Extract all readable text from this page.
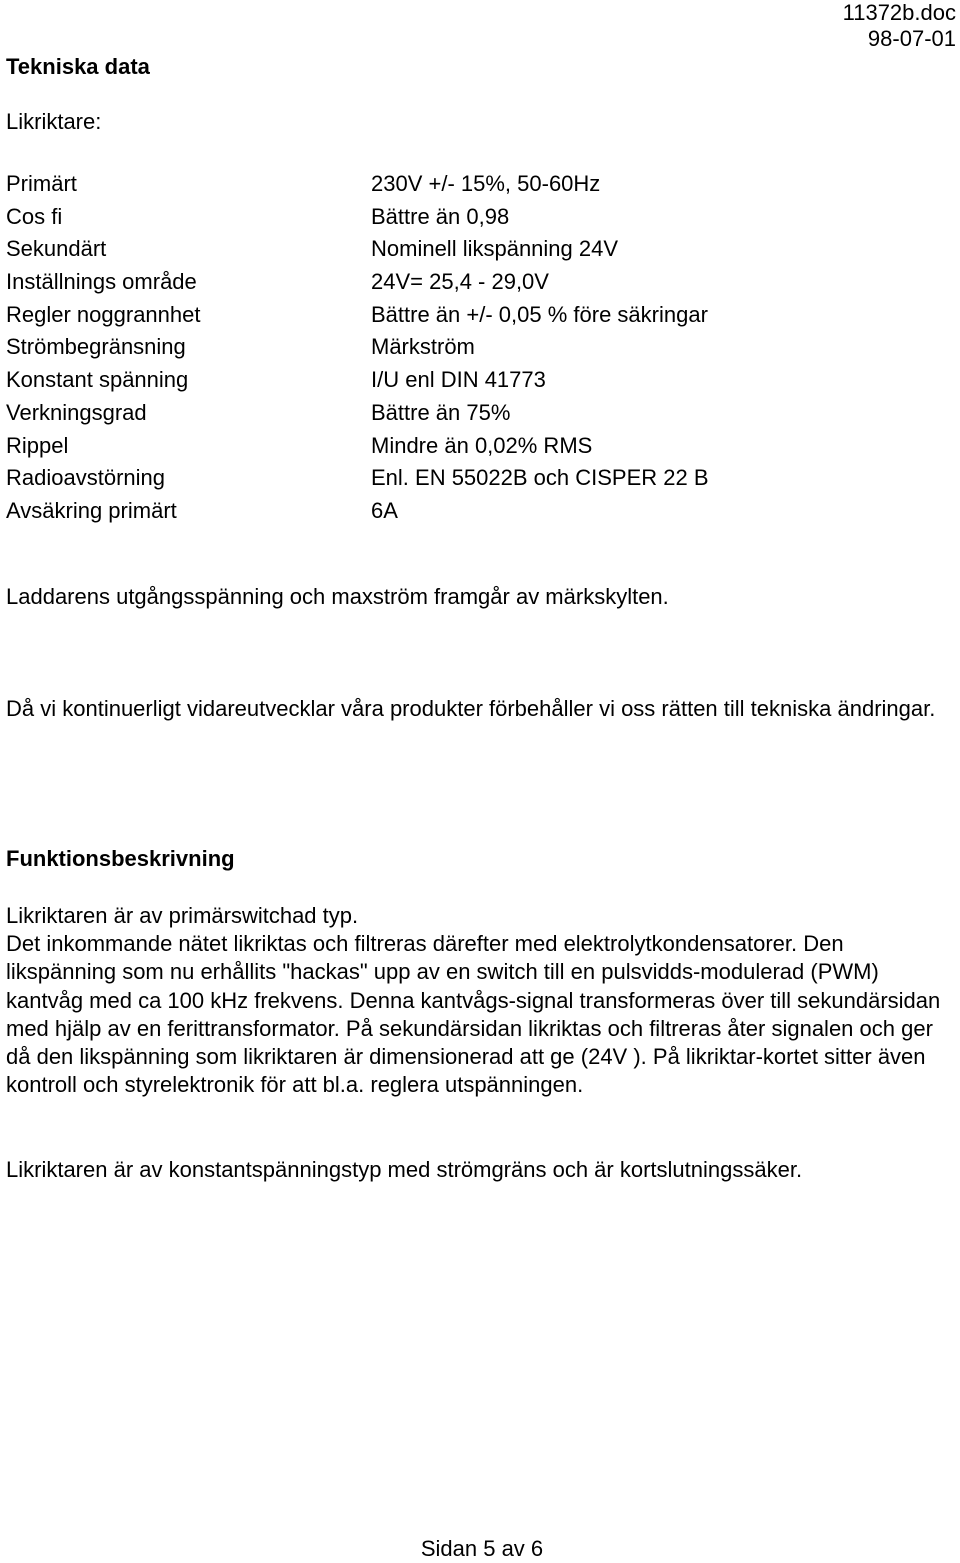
11372b.doc
98-07-01
Tekniska data
Likriktare:
Primärt	230V +/- 15%, 50-60Hz
Cos fi	Bättre än 0,98
Sekundärt	Nominell likspänning 24V
Inställnings område	24V= 25,4 - 29,0V
Regler noggrannhet	Bättre än +/- 0,05 % före säkringar
Strömbegränsning	Märkström
Konstant spänning	I/U enl DIN 41773
Verkningsgrad	Bättre än 75%
Rippel	Mindre än 0,02% RMS
Radioavstörning	Enl. EN 55022B och CISPER 22 B
Avsäkring primärt	6A
Laddarens utgångsspänning och maxström framgår av märkskylten.
Då vi kontinuerligt vidareutvecklar våra produkter förbehåller vi oss rätten till tekniska ändringar.
Funktionsbeskrivning
Likriktaren är av primärswitchad typ.
Det inkommande nätet likriktas och filtreras därefter med elektrolytkondensatorer. Den likspänning som nu erhållits "hackas" upp av en switch till en pulsvidds-modulerad (PWM) kantvåg med ca 100 kHz frekvens. Denna kantvågs-signal transformeras över till sekundärsidan med hjälp av en ferittransformator. På sekundärsidan likriktas och filtreras åter signalen och ger då den likspänning som likriktaren är dimensionerad att ge (24V ). På likriktar-kortet sitter även kontroll och styrelektronik för att bl.a. reglera utspänningen.
Likriktaren är av konstantspänningstyp med strömgräns och är kortslutningssäker.
Sidan 5 av 6
